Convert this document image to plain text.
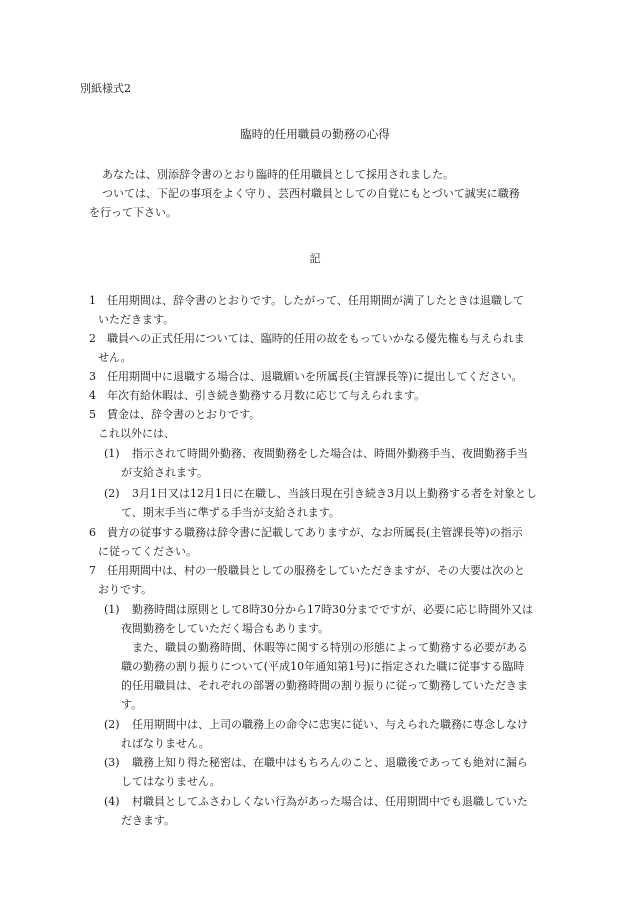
別紙様式2
臨時的任用職員の勤務の心得
あなたは、別添辞令書のとおり臨時的任用職員として採用されました。
ついては、下記の事項をよく守り、芸西村職員としての自覚にもとづいて誠実に職務
を行って下さい。
記
1 任用期間は、辞令書のとおりです。したがって、任用期間が満了したときは退職して
いただきます。
2 職員への正式任用については、臨時的任用の故をもっていかなる優先権も与えられま
せん。
3 任用期間中に退職する場合は、退職願いを所属長(主管課長等)に提出してください。
4 年次有給休暇は、引き続き勤務する月数に応じて与えられます。
5 賃金は、辞令書のとおりです。
これ以外には、
(1) 指示されて時間外勤務、夜間勤務をした場合は、時間外勤務手当、夜間勤務手当
が支給されます。
(2) 3月1日又は12月1日に在職し、当該日現在引き続き3月以上勤務する者を対象とし
て、期末手当に準ずる手当が支給されます。
6 貴方の従事する職務は辞令書に記載してありますが、なお所属長(主管課長等)の指示
に従ってください。
7 任用期間中は、村の一般職員としての服務をしていただきますが、その大要は次のと
おりです。
(1) 勤務時間は原則として8時30分から17時30分までですが、必要に応じ時間外又は
夜間勤務をしていただく場合もあります。
また、職員の勤務時間、休暇等に関する特別の形態によって勤務する必要がある
職の勤務の割り振りについて(平成10年通知第1号)に指定された職に従事する臨時
的任用職員は、それぞれの部署の勤務時間の割り振りに従って勤務していただきま
す。
(2) 任用期間中は、上司の職務上の命令に忠実に従い、与えられた職務に専念しなけ
ればなりません。
(3) 職務上知り得た秘密は、在職中はもちろんのこと、退職後であっても絶対に漏ら
してはなりません。
(4) 村職員としてふさわしくない行為があった場合は、任用期間中でも退職していた
だきます。
